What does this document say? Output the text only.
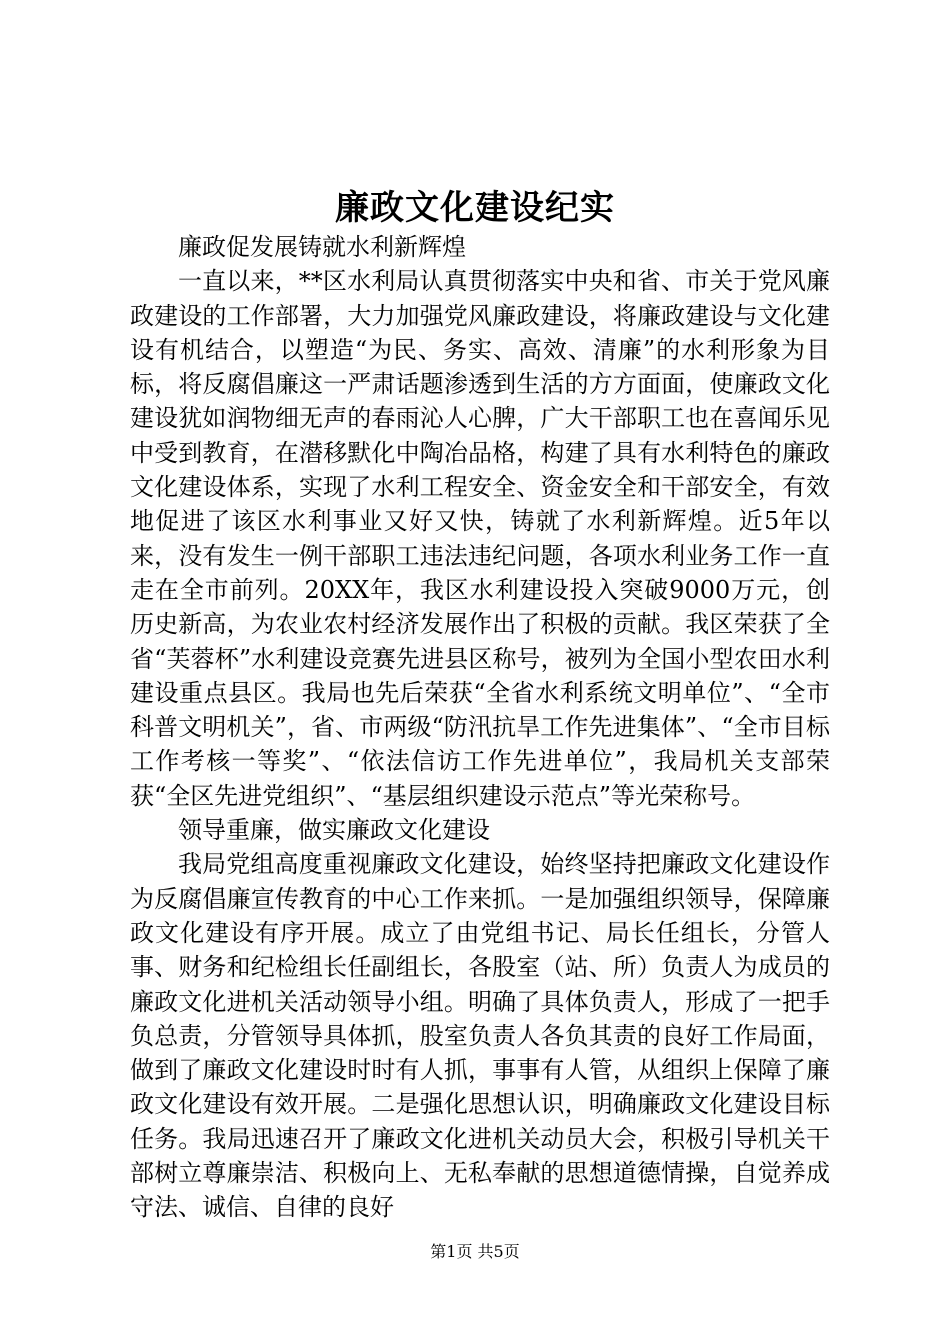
廉政文化建设纪实

廉政促发展铸就水利新辉煌

一直以来，**区水利局认真贯彻落实中央和省、市关于党风廉政建设的工作部署，大力加强党风廉政建设，将廉政建设与文化建设有机结合，以塑造“为民、务实、高效、清廉”的水利形象为目标，将反腐倡廉这一严肃话题渗透到生活的方方面面，使廉政文化建设犹如润物细无声的春雨沁人心脾，广大干部职工也在喜闻乐见中受到教育，在潜移默化中陶冶品格，构建了具有水利特色的廉政文化建设体系，实现了水利工程安全、资金安全和干部安全，有效地促进了该区水利事业又好又快，铸就了水利新辉煌。近5年以来，没有发生一例干部职工违法违纪问题，各项水利业务工作一直走在全市前列。20XX年，我区水利建设投入突破9000万元，创历史新高，为农业农村经济发展作出了积极的贡献。我区荣获了全省“芙蓉杯”水利建设竞赛先进县区称号，被列为全国小型农田水利建设重点县区。我局也先后荣获“全省水利系统文明单位”、“全市科普文明机关”，省、市两级“防汛抗旱工作先进集体”、“全市目标工作考核一等奖”、“依法信访工作先进单位”，我局机关支部荣获“全区先进党组织”、“基层组织建设示范点”等光荣称号。

领导重廉，做实廉政文化建设

我局党组高度重视廉政文化建设，始终坚持把廉政文化建设作为反腐倡廉宣传教育的中心工作来抓。一是加强组织领导，保障廉政文化建设有序开展。成立了由党组书记、局长任组长，分管人事、财务和纪检组长任副组长，各股室（站、所）负责人为成员的廉政文化进机关活动领导小组。明确了具体负责人，形成了一把手负总责，分管领导具体抓，股室负责人各负其责的良好工作局面，做到了廉政文化建设时时有人抓，事事有人管，从组织上保障了廉政文化建设有效开展。二是强化思想认识，明确廉政文化建设目标任务。我局迅速召开了廉政文化进机关动员大会，积极引导机关干部树立尊廉崇洁、积极向上、无私奉献的思想道德情操，自觉养成守法、诚信、自律的良好

第1页 共5页
